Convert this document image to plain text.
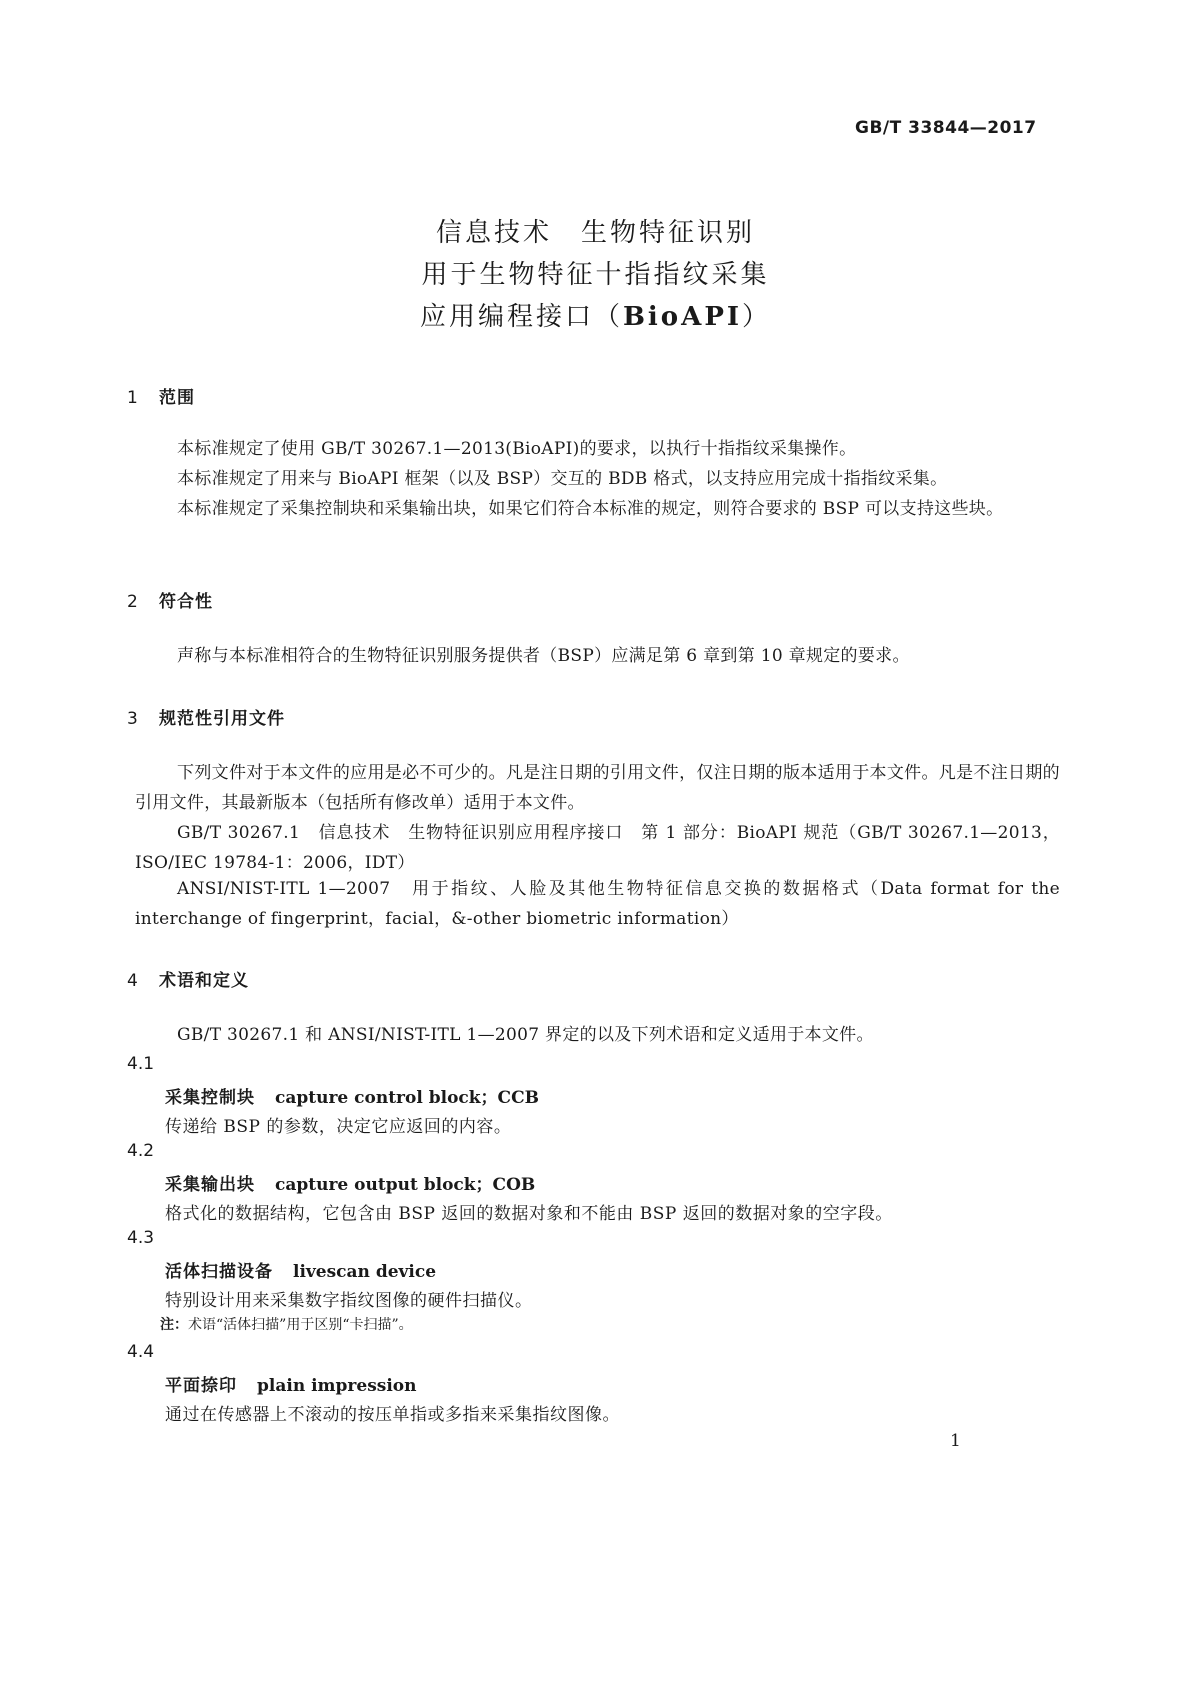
GB/T 33844—2017
信息技术　生物特征识别
用于生物特征十指指纹采集
应用编程接口（BioAPI）
1 范围
本标准规定了使用 GB/T 30267.1—2013(BioAPI)的要求，以执行十指指纹采集操作。
本标准规定了用来与 BioAPI 框架（以及 BSP）交互的 BDB 格式，以支持应用完成十指指纹采集。
本标准规定了采集控制块和采集输出块，如果它们符合本标准的规定，则符合要求的 BSP 可以支持这些块。
2 符合性
声称与本标准相符合的生物特征识别服务提供者（BSP）应满足第 6 章到第 10 章规定的要求。
3 规范性引用文件
下列文件对于本文件的应用是必不可少的。凡是注日期的引用文件，仅注日期的版本适用于本文件。凡是不注日期的引用文件，其最新版本（包括所有修改单）适用于本文件。
GB/T 30267.1　信息技术　生物特征识别应用程序接口　第 1 部分：BioAPI 规范（GB/T 30267.1—2013，ISO/IEC 19784-1：2006，IDT）
ANSI/NIST-ITL 1—2007　用于指纹、人脸及其他生物特征信息交换的数据格式（Data format for the interchange of fingerprint，facial，&-other biometric information）
4 术语和定义
GB/T 30267.1 和 ANSI/NIST-ITL 1—2007 界定的以及下列术语和定义适用于本文件。
4.1
采集控制块 capture control block；CCB
传递给 BSP 的参数，决定它应返回的内容。
4.2
采集输出块 capture output block；COB
格式化的数据结构，它包含由 BSP 返回的数据对象和不能由 BSP 返回的数据对象的空字段。
4.3
活体扫描设备 livescan device
特别设计用来采集数字指纹图像的硬件扫描仪。
注：术语“活体扫描”用于区别“卡扫描”。
4.4
平面捺印 plain impression
通过在传感器上不滚动的按压单指或多指来采集指纹图像。
1
